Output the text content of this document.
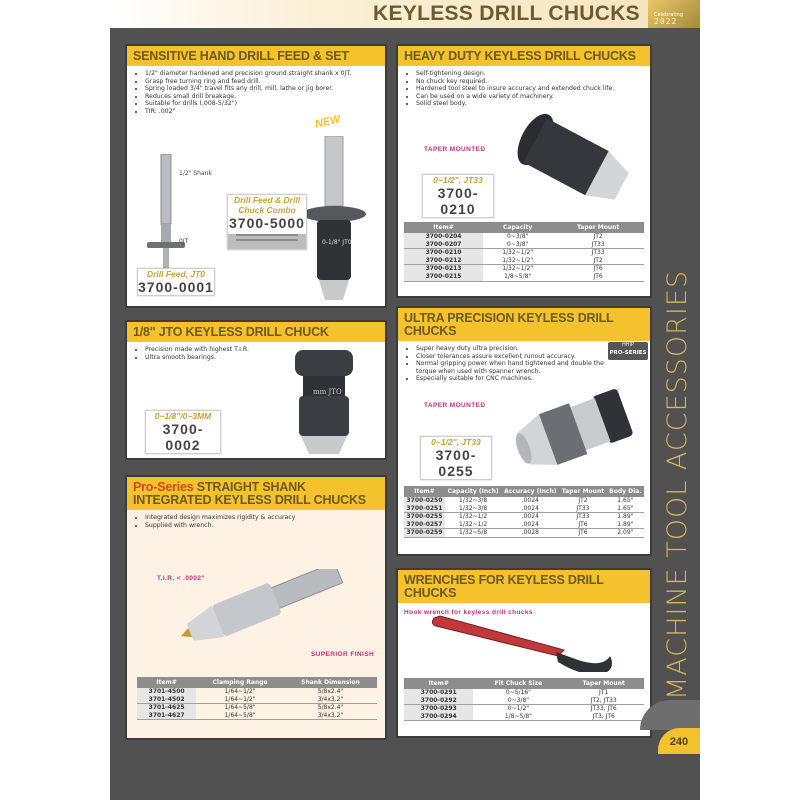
KEYLESS DRILL CHUCKS	Celebrating
2022
SENSITIVE HAND DRILL FEED & SET
• 1/2" diameter hardened and precision ground straight shank x 0JT.
• Grasp free turning ring and feed drill.
• Spring loaded 3/4" travel fits any drill, mill, lathe or jig borer.
• Reduces small drill breakage.
• Suitable for drills (.008-5/32")
• TIR: .002"
1/2" Shank
0JT	0-1/8" JT0
NEW
Drill Feed & Drill Chuck Combo
3700-5000
Drill Feed, JT0
3700-0001
1/8" JTO KEYLESS DRILL CHUCK
• Precision made with highest T.I.R.
• Ultra smooth bearings.
mm JTO
0~1/8"/0~3MM
3700-0002
Pro-Series STRAIGHT SHANK INTEGRATED KEYLESS DRILL CHUCKS
• Integrated design maximizes rigidity & accuracy
• Supplied with wrench.
T.I.R. < .0002"
SUPERIOR FINISH
Item#	Clamping Range	Shank Dimension
3701-4500	1/64~1/2"	5/8x2.4"
3701-4502	1/64~1/2"	3/4x3.2"
3701-4625	1/64~5/8"	5/8x2.4"
3701-4627	1/64~5/8"	3/4x3.2"
HEAVY DUTY KEYLESS DRILL CHUCKS
• Self-tightening design.
• No chuck key required.
• Hardened tool steel to insure accuracy and extended chuck life.
• Can be used on a wide variety of machinery.
• Solid steel body.
TAPER MOUNTED
0~1/2", JT33
3700-0210
Item#	Capacity	Taper Mount
3700-0204	0~3/8"	JT2
3700-0207	0~3/8"	JT33
3700-0210	1/32~1/2"	JT33
3700-0212	1/32~1/2"	JT2
3700-0213	1/32~1/2"	JT6
3700-0215	1/8~5/8"	JT6
ULTRA PRECISION KEYLESS DRILL CHUCKS
• Super heavy duty ultra precision.
• Closer tolerances assure excellent runout accuracy.
• Normal gripping power when hand tightened and double the torque when used with spanner wrench.
• Especially suitable for CNC machines.
HHIP
PRO-SERIES
TAPER MOUNTED
0~1/2", JT33
3700-0255
Item#	Capacity (Inch)	Accuracy (Inch)	Taper Mount	Body Dia.
3700-0250	1/32~3/8	.0024	JT2	1.65"
3700-0251	1/32~3/8	.0024	JT33	1.65"
3700-0255	1/32~1/2	.0024	JT33	1.89"
3700-0257	1/32~1/2	.0024	JT6	1.89"
3700-0259	1/32~5/8	.0028	JT6	2.09"
WRENCHES FOR KEYLESS DRILL CHUCKS
Hook wrench for keyless drill chucks
Item#	Fit Chuck Size	Taper Mount
3700-0291	0~5/16"	JT1
3700-0292	0~3/8"	JT2, JT33
3700-0293	0~1/2"	JT33, JT6
3700-0294	1/8~5/8"	JT3, JT6
MACHINE TOOL ACCESSORIES
240
